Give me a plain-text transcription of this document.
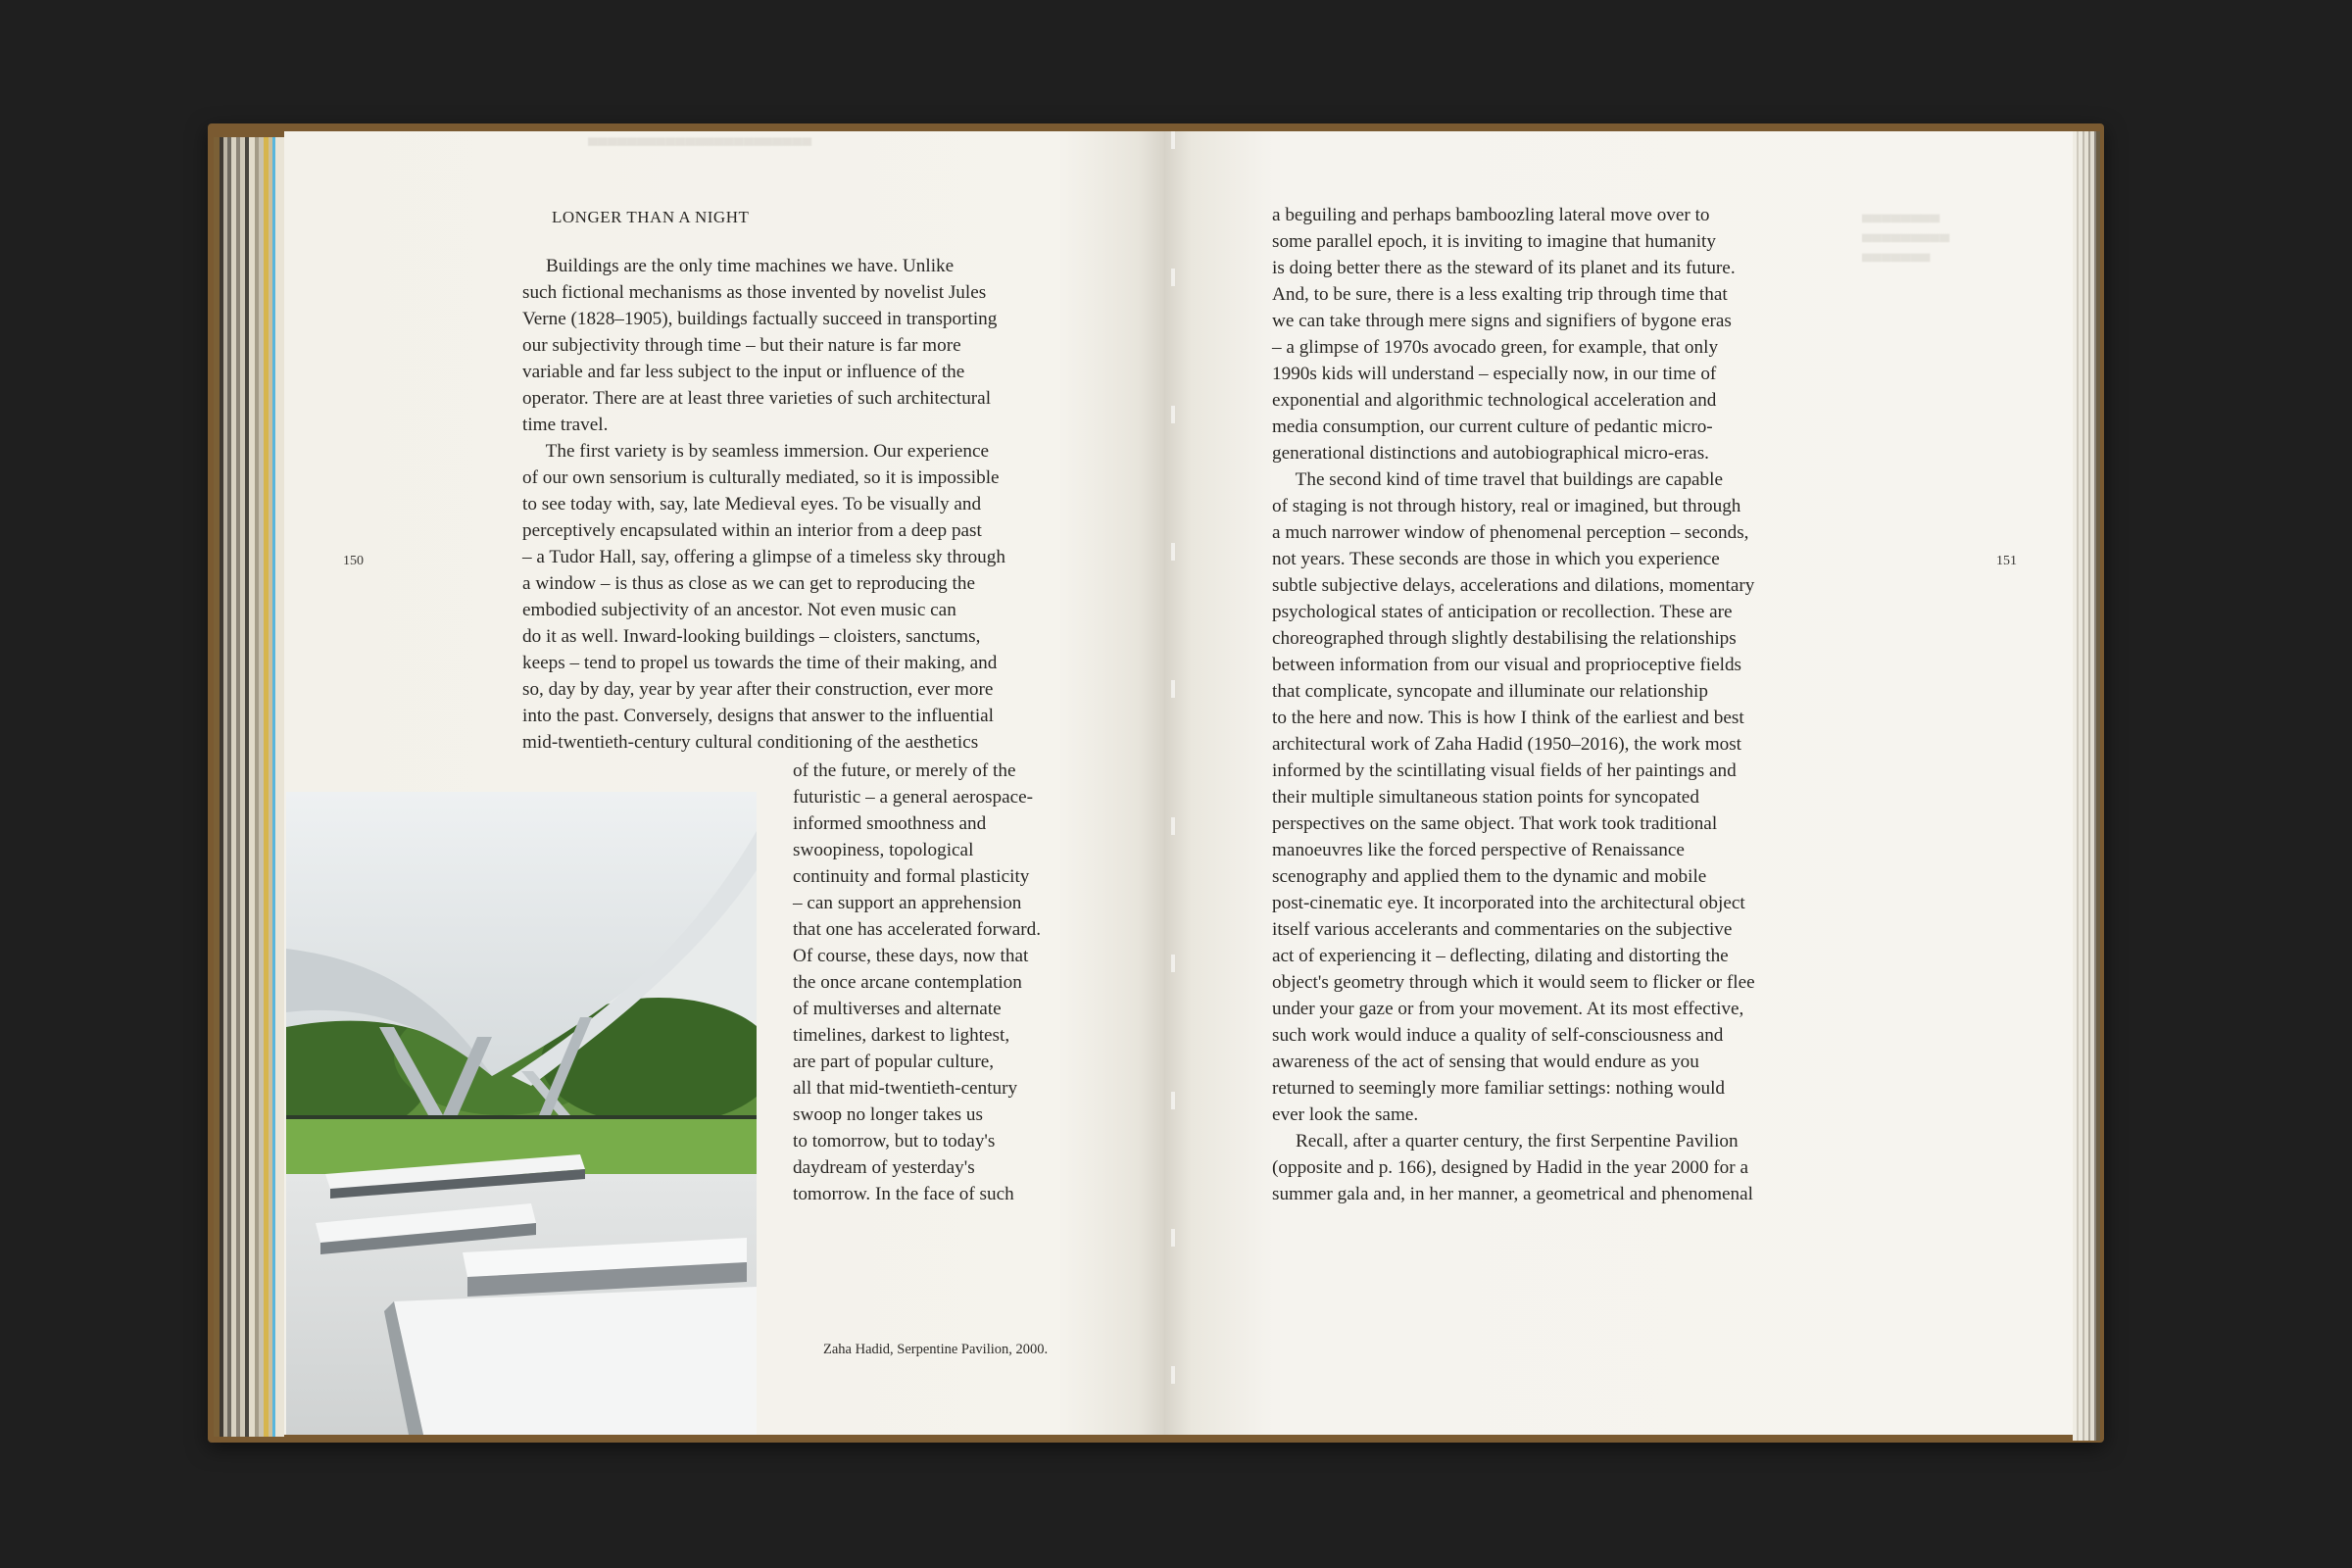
▀▀▀▀▀▀▀▀▀▀▀▀▀▀▀▀▀▀▀▀▀▀▀
▄▄▄▄▄▄▄▄
▄▄▄▄▄▄▄▄▄
▄▄▄▄▄▄▄
LONGER THAN A NIGHT
150	151
Buildings are the only time machines we have. Unlike
such fictional mechanisms as those invented by novelist Jules
Verne (1828–1905), buildings factually succeed in transporting
our subjectivity through time – but their nature is far more
variable and far less subject to the input or influence of the
operator. There are at least three varieties of such architectural
time travel.
The first variety is by seamless immersion. Our experience
of our own sensorium is culturally mediated, so it is impossible
to see today with, say, late Medieval eyes. To be visually and
perceptively encapsulated within an interior from a deep past
– a Tudor Hall, say, offering a glimpse of a timeless sky through
a window – is thus as close as we can get to reproducing the
embodied subjectivity of an ancestor. Not even music can
do it as well. Inward-looking buildings – cloisters, sanctums,
keeps – tend to propel us towards the time of their making, and
so, day by day, year by year after their construction, ever more
into the past. Conversely, designs that answer to the influential
mid-twentieth-century cultural conditioning of the aesthetics
of the future, or merely of the
futuristic – a general aerospace-
informed smoothness and
swoopiness, topological
continuity and formal plasticity
– can support an apprehension
that one has accelerated forward.
Of course, these days, now that
the once arcane contemplation
of multiverses and alternate
timelines, darkest to lightest,
are part of popular culture,
all that mid-twentieth-century
swoop no longer takes us
to tomorrow, but to today's
daydream of yesterday's
tomorrow. In the face of such
a beguiling and perhaps bamboozling lateral move over to
some parallel epoch, it is inviting to imagine that humanity
is doing better there as the steward of its planet and its future.
And, to be sure, there is a less exalting trip through time that
we can take through mere signs and signifiers of bygone eras
– a glimpse of 1970s avocado green, for example, that only
1990s kids will understand – especially now, in our time of
exponential and algorithmic technological acceleration and
media consumption, our current culture of pedantic micro-
generational distinctions and autobiographical micro-eras.
The second kind of time travel that buildings are capable
of staging is not through history, real or imagined, but through
a much narrower window of phenomenal perception – seconds,
not years. These seconds are those in which you experience
subtle subjective delays, accelerations and dilations, momentary
psychological states of anticipation or recollection. These are
choreographed through slightly destabilising the relationships
between information from our visual and proprioceptive fields
that complicate, syncopate and illuminate our relationship
to the here and now. This is how I think of the earliest and best
architectural work of Zaha Hadid (1950–2016), the work most
informed by the scintillating visual fields of her paintings and
their multiple simultaneous station points for syncopated
perspectives on the same object. That work took traditional
manoeuvres like the forced perspective of Renaissance
scenography and applied them to the dynamic and mobile
post-cinematic eye. It incorporated into the architectural object
itself various accelerants and commentaries on the subjective
act of experiencing it – deflecting, dilating and distorting the
object's geometry through which it would seem to flicker or flee
under your gaze or from your movement. At its most effective,
such work would induce a quality of self-consciousness and
awareness of the act of sensing that would endure as you
returned to seemingly more familiar settings: nothing would
ever look the same.
Recall, after a quarter century, the first Serpentine Pavilion
(opposite and p. 166), designed by Hadid in the year 2000 for a
summer gala and, in her manner, a geometrical and phenomenal
Zaha Hadid, Serpentine Pavilion, 2000.
